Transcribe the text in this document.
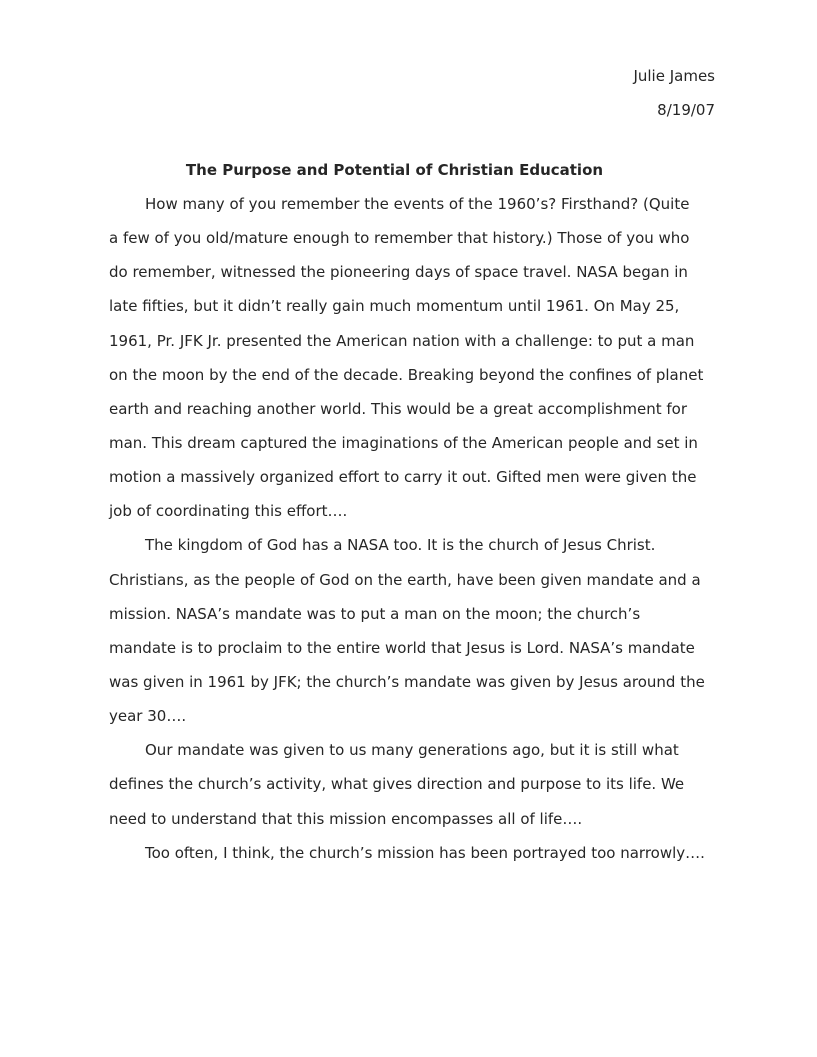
Julie James
8/19/07
The Purpose and Potential of Christian Education
How many of you remember the events of the 1960’s? Firsthand? (Quite
a few of you old/mature enough to remember that history.) Those of you who
do remember, witnessed the pioneering days of space travel. NASA began in
late fifties, but it didn’t really gain much momentum until 1961. On May 25,
1961, Pr. JFK Jr. presented the American nation with a challenge: to put a man
on the moon by the end of the decade. Breaking beyond the confines of planet
earth and reaching another world. This would be a great accomplishment for
man. This dream captured the imaginations of the American people and set in
motion a massively organized effort to carry it out. Gifted men were given the
job of coordinating this effort….
The kingdom of God has a NASA too. It is the church of Jesus Christ.
Christians, as the people of God on the earth, have been given mandate and a
mission. NASA’s mandate was to put a man on the moon; the church’s
mandate is to proclaim to the entire world that Jesus is Lord. NASA’s mandate
was given in 1961 by JFK; the church’s mandate was given by Jesus around the
year 30….
Our mandate was given to us many generations ago, but it is still what
defines the church’s activity, what gives direction and purpose to its life. We
need to understand that this mission encompasses all of life….
Too often, I think, the church’s mission has been portrayed too narrowly….
